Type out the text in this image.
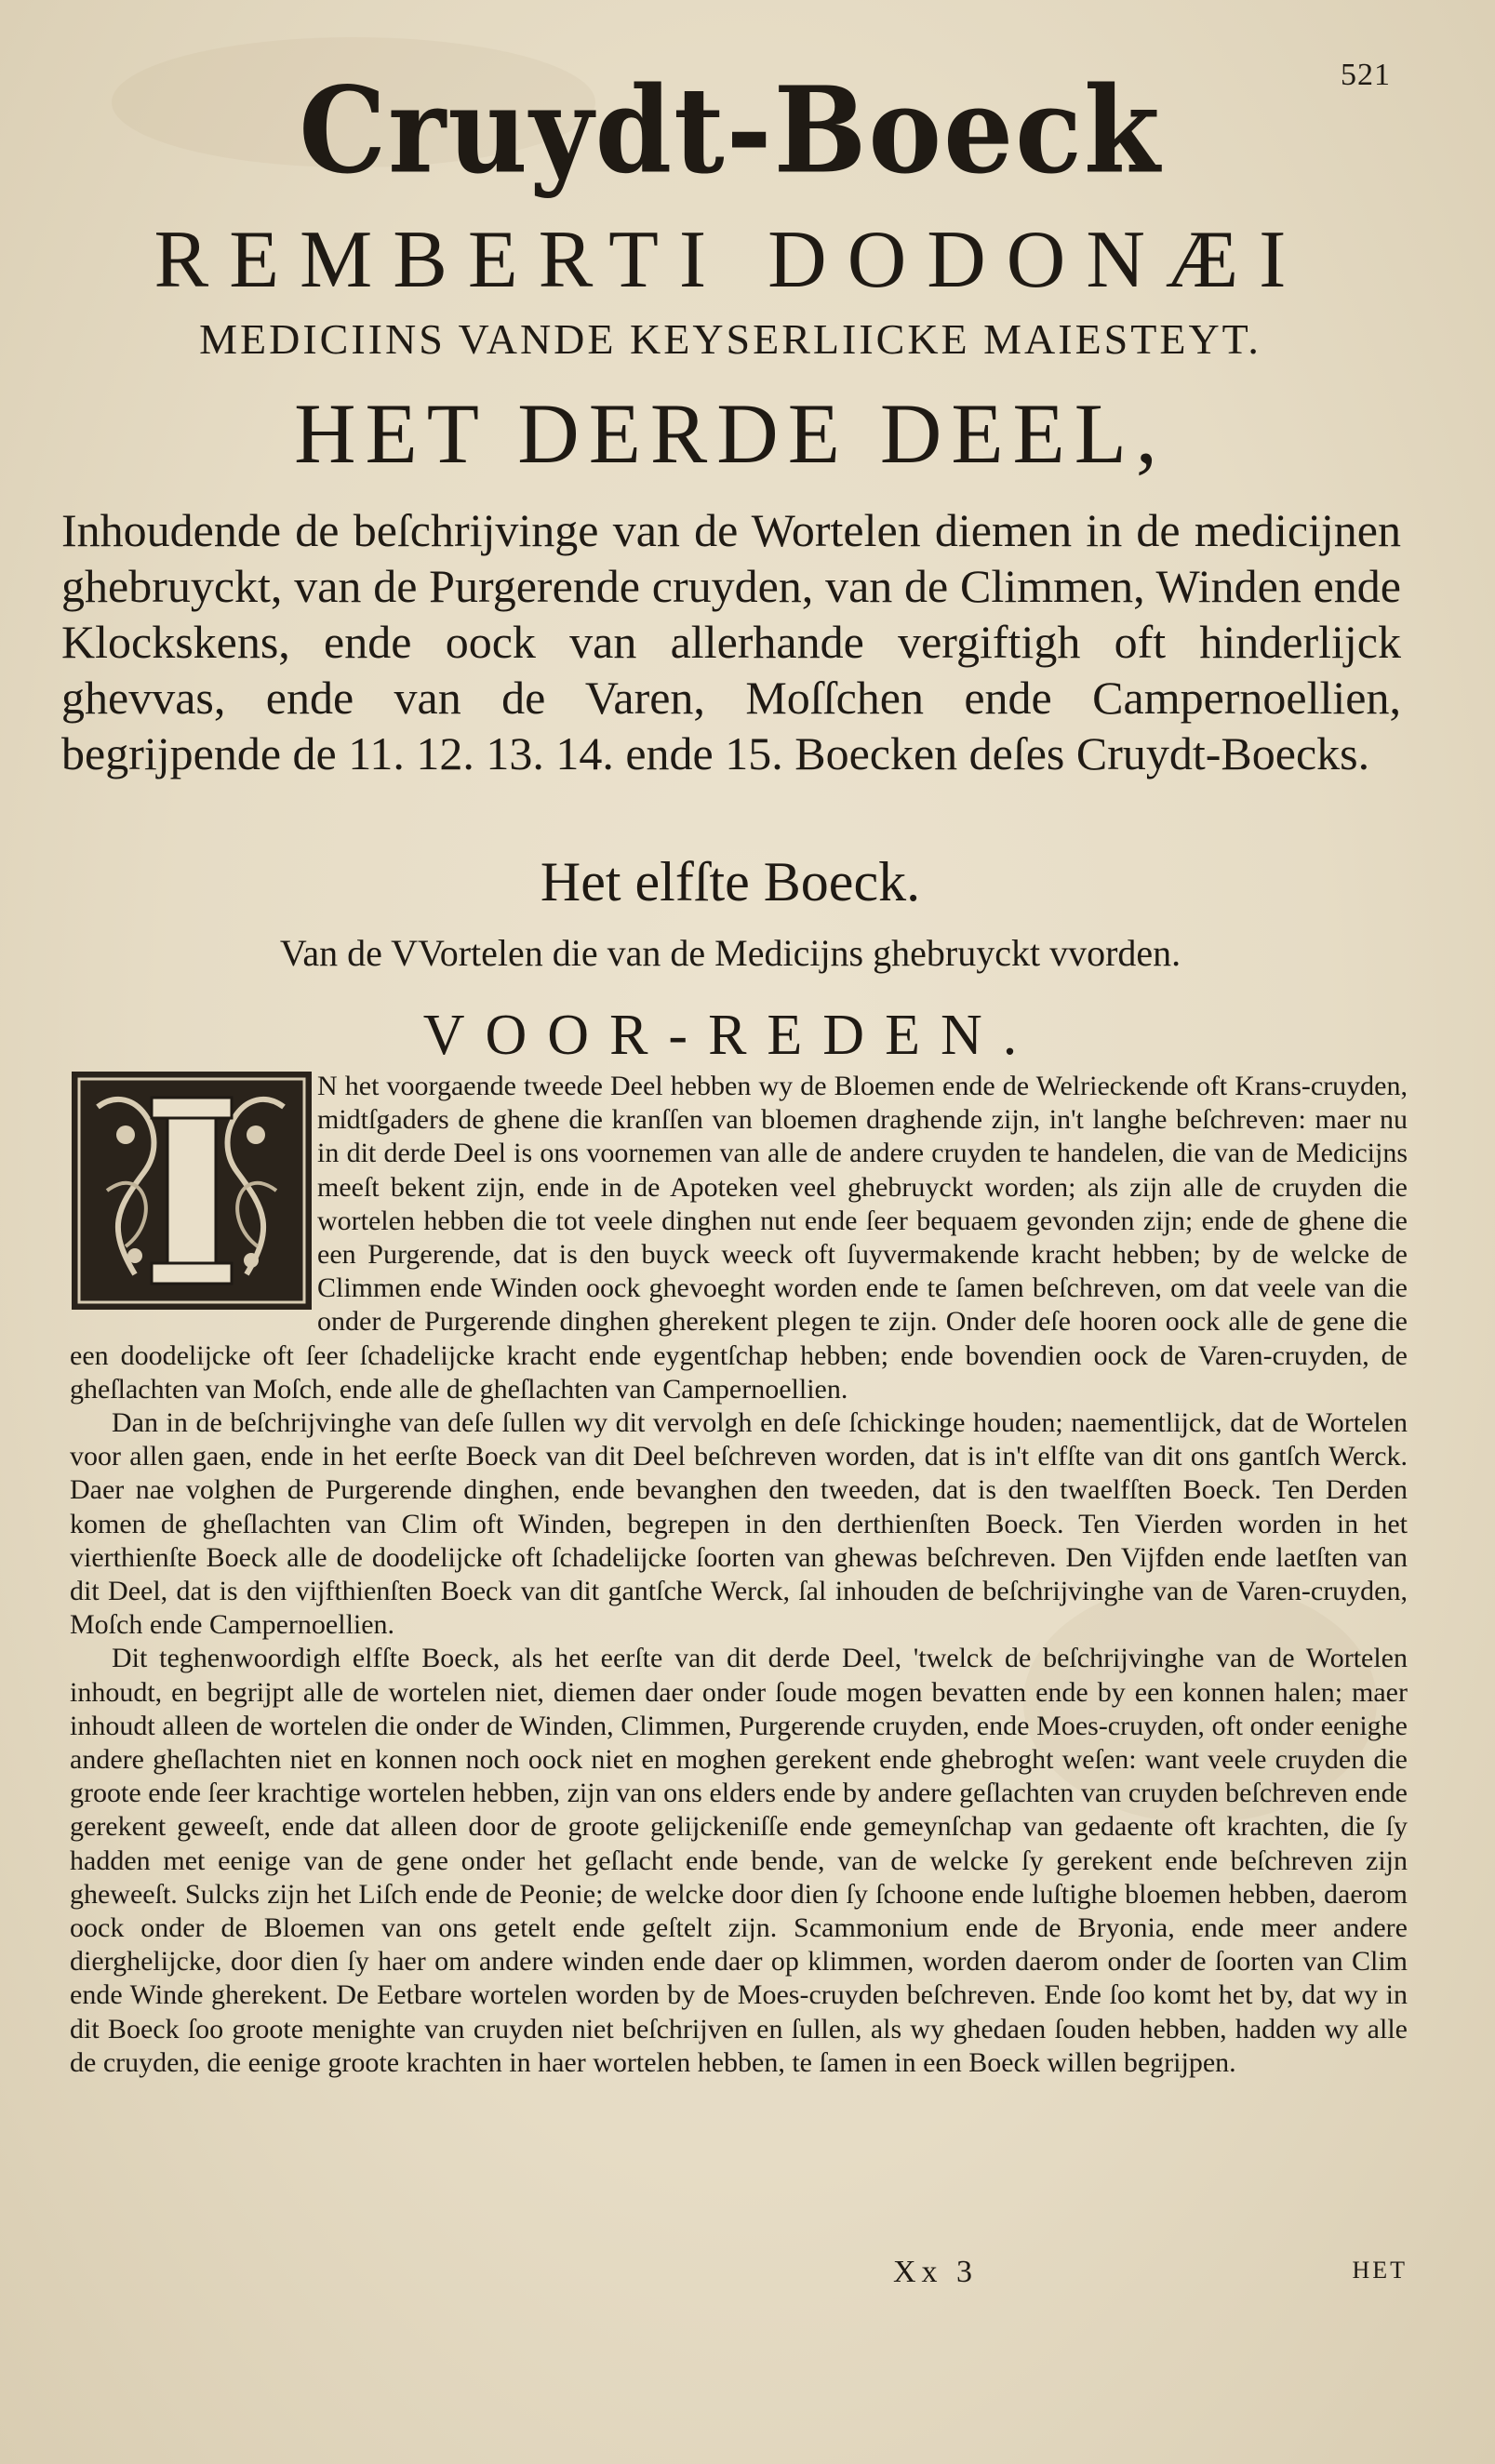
521
Cruydt-Boeck
REMBERTI DODONÆI
MEDICIINS VANDE KEYSERLIICKE MAIESTEYT.
HET DERDE DEEL,
Inhoudende de beſchrijvinge van de Wortelen diemen in de medicijnen ghebruyckt, van de Purgerende cruyden, van de Climmen, Winden ende Klockskens, ende oock van allerhande vergiftigh oft hinderlijck ghevvas, ende van de Varen, Moſſchen ende Campernoellien, begrijpende de 11. 12. 13. 14. ende 15. Boecken deſes Cruydt-Boecks.
Het elfſte Boeck.
Van de VVortelen die van de Medicijns ghebruyckt vvorden.
VOOR-REDEN.

N het voorgaende tweede Deel hebben wy de Bloemen ende de Welrieckende oft Krans-cruyden, midtſgaders de ghene die kranſſen van bloemen draghende zijn, in't langhe beſchreven: maer nu in dit derde Deel is ons voornemen van alle de andere cruyden te handelen, die van de Medicijns meeſt bekent zijn, ende in de Apoteken veel ghebruyckt worden; als zijn alle de cruyden die wortelen hebben die tot veele dinghen nut ende ſeer bequaem gevonden zijn; ende de ghene die een Purgerende, dat is den buyck weeck oft ſuyvermakende kracht hebben; by de welcke de Climmen ende Winden oock ghevoeght worden ende te ſamen beſchreven, om dat veele van die onder de Purgerende dinghen gherekent plegen te zijn. Onder deſe hooren oock alle de gene die een doodelijcke oft ſeer ſchadelijcke kracht ende eygentſchap hebben; ende bovendien oock de Varen-cruyden, de gheſlachten van Moſch, ende alle de gheſlachten van Campernoellien.

Dan in de beſchrijvinghe van deſe ſullen wy dit vervolgh en deſe ſchickinge houden; naementlijck, dat de Wortelen voor allen gaen, ende in het eerſte Boeck van dit Deel beſchreven worden, dat is in't elfſte van dit ons gantſch Werck. Daer nae volghen de Purgerende dinghen, ende bevanghen den tweeden, dat is den twaelfſten Boeck. Ten Derden komen de gheſlachten van Clim oft Winden, begrepen in den derthienſten Boeck. Ten Vierden worden in het vierthienſte Boeck alle de doodelijcke oft ſchadelijcke ſoorten van ghewas beſchreven. Den Vijfden ende laetſten van dit Deel, dat is den vijfthienſten Boeck van dit gantſche Werck, ſal inhouden de beſchrijvinghe van de Varen-cruyden, Moſch ende Campernoellien.

Dit teghenwoordigh elfſte Boeck, als het eerſte van dit derde Deel, 'twelck de beſchrijvinghe van de Wortelen inhoudt, en begrijpt alle de wortelen niet, diemen daer onder ſoude mogen bevatten ende by een konnen halen; maer inhoudt alleen de wortelen die onder de Winden, Climmen, Purgerende cruyden, ende Moes-cruyden, oft onder eenighe andere gheſlachten niet en konnen noch oock niet en moghen gerekent ende ghebroght weſen: want veele cruyden die groote ende ſeer krachtige wortelen hebben, zijn van ons elders ende by andere geſlachten van cruyden beſchreven ende gerekent geweeſt, ende dat alleen door de groote gelijckeniſſe ende gemeynſchap van gedaente oft krachten, die ſy hadden met eenige van de gene onder het geſlacht ende bende, van de welcke ſy gerekent ende beſchreven zijn gheweeſt. Sulcks zijn het Liſch ende de Peonie; de welcke door dien ſy ſchoone ende luſtighe bloemen hebben, daerom oock onder de Bloemen van ons getelt ende geſtelt zijn. Scammonium ende de Bryonia, ende meer andere dierghelijcke, door dien ſy haer om andere winden ende daer op klimmen, worden daerom onder de ſoorten van Clim ende Winde gherekent. De Eetbare wortelen worden by de Moes-cruyden beſchreven. Ende ſoo komt het by, dat wy in dit Boeck ſoo groote menighte van cruyden niet beſchrijven en ſullen, als wy ghedaen ſouden hebben, hadden wy alle de cruyden, die eenige groote krachten in haer wortelen hebben, te ſamen in een Boeck willen begrijpen.

Xx 3	HET
